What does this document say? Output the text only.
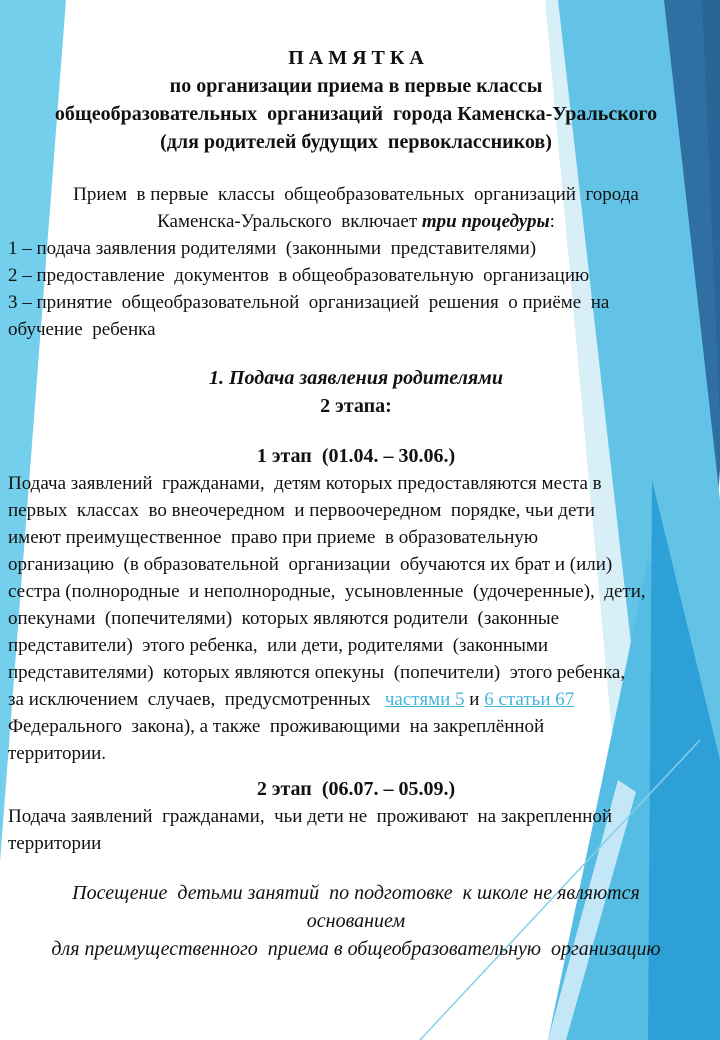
П А М Я Т К А
по организации приема в первые классы
общеобразовательных  организаций  города Каменска-Уральского
(для родителей будущих  первоклассников)
Прием  в первые  классы  общеобразовательных  организаций  города
Каменска-Уральского  включает три процедуры:
1 – подача заявления родителями  (законными  представителями)
2 – предоставление  документов  в общеобразовательную  организацию
3 – принятие  общеобразовательной  организацией  решения  о приёме  на
обучение  ребенка
1. Подача заявления родителями
2 этапа:
1 этап  (01.04. – 30.06.)
Подача заявлений  гражданами,  детям которых предоставляются места в
первых  классах  во внеочередном  и первоочередном  порядке, чьи дети
имеют преимущественное  право при приеме  в образовательную
организацию  (в образовательной  организации  обучаются их брат и (или)
сестра (полнородные  и неполнородные,  усыновленные  (удочеренные),  дети,
опекунами  (попечителями)  которых являются родители  (законные
представители)  этого ребенка,  или дети, родителями  (законными
представителями)  которых являются опекуны  (попечители)  этого ребенка,
за исключением  случаев,  предусмотренных   частями 5 и 6 статьи 67
Федерального  закона), а также  проживающими  на закреплённой
территории.
2 этап  (06.07. – 05.09.)
Подача заявлений  гражданами,  чьи дети не  проживают  на закрепленной
территории
Посещение  детьми занятий  по подготовке  к школе не являются
основанием
для преимущественного  приема в общеобразовательную  организацию
